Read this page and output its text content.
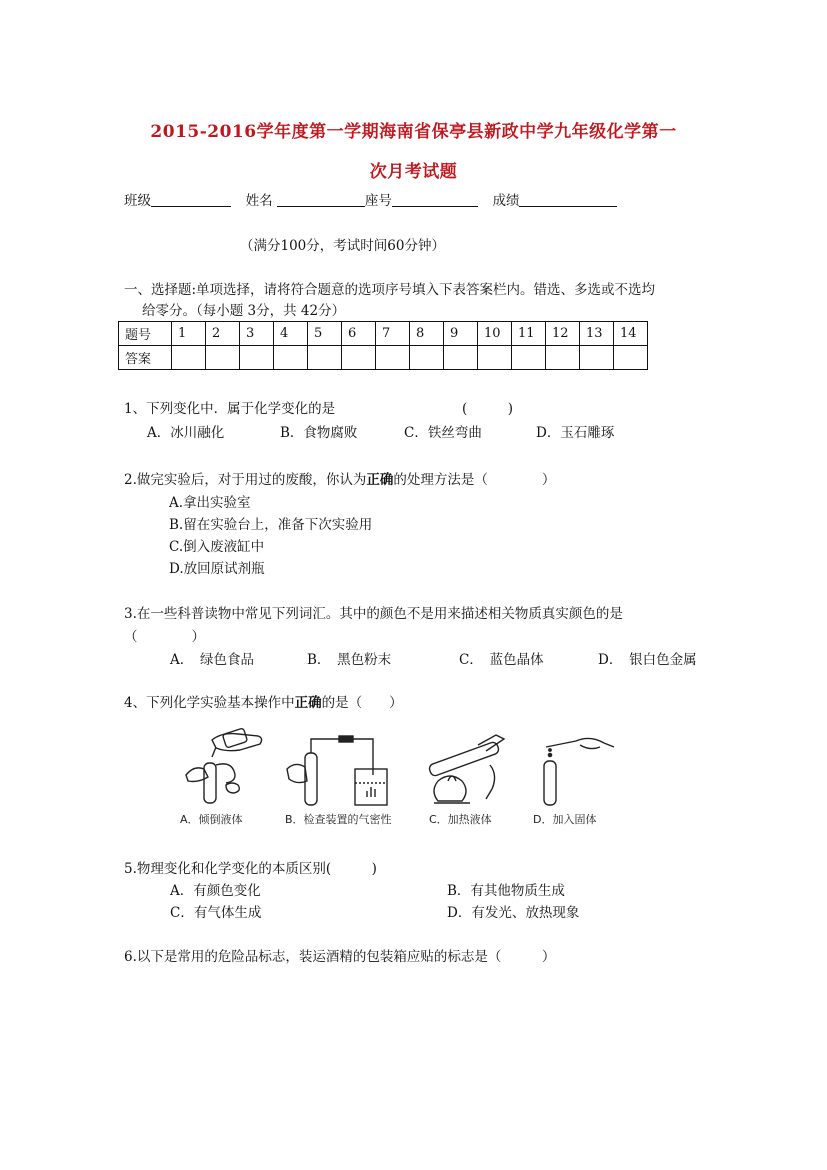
2015-2016学年度第一学期海南省保亭县新政中学九年级化学第一
次月考试题
班级	姓名	座号	成绩
（满分100分，考试时间60分钟）
一、选择题:单项选择，请将符合题意的选项序号填入下表答案栏内。错选、多选或不选均
给零分。（每小题 3分，共 42分）
题号	1	2	3	4	5	6	7	8	9	10	11	12	13	14
答案														
1、下列变化中．属于化学变化的是	(　　　)
A．冰川融化	B．食物腐败	C．铁丝弯曲	D．玉石雕琢
2.做完实验后，对于用过的废酸，你认为正确的处理方法是（　　　　）
A.拿出实验室
B.留在实验台上，准备下次实验用
C.倒入废液缸中
D.放回原试剂瓶
3.在一些科普读物中常见下列词汇。其中的颜色不是用来描述相关物质真实颜色的是
（　　　　）
A．　绿色食品	B．　黑色粉末	C．　蓝色晶体	D．　银白色金属
4、下列化学实验基本操作中正确的是（　　）
A．倾倒液体	B．检查装置的气密性	C．加热液体	D．加入固体
5.物理变化和化学变化的本质区别(　　　)
A．有颜色变化	B．有其他物质生成
C．有气体生成	D．有发光、放热现象
6.以下是常用的危险品标志，装运酒精的包装箱应贴的标志是（　　　）
